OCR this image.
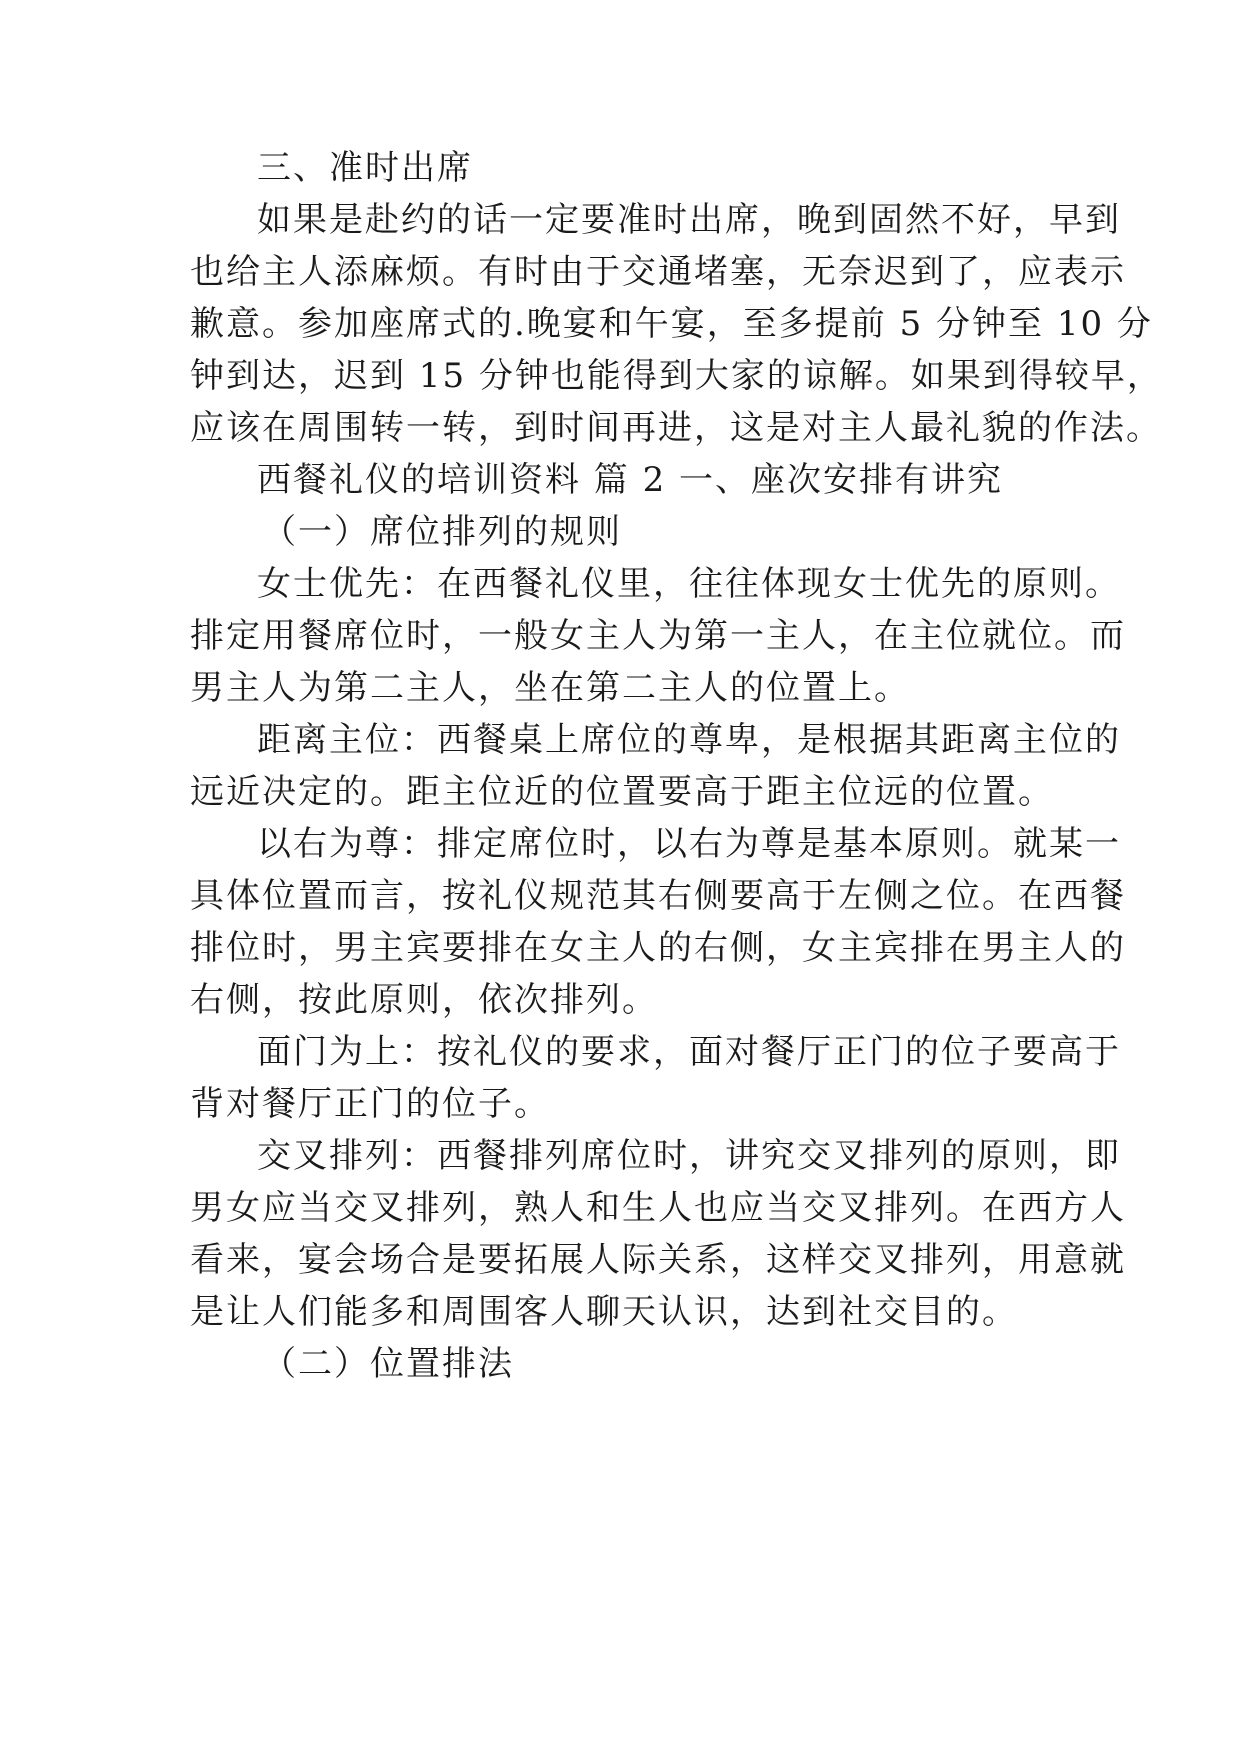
三、准时出席
如果是赴约的话一定要准时出席，晚到固然不好，早到
也给主人添麻烦。有时由于交通堵塞，无奈迟到了，应表示
歉意。参加座席式的.晚宴和午宴，至多提前 5 分钟至 10 分
钟到达，迟到 15 分钟也能得到大家的谅解。如果到得较早，
应该在周围转一转，到时间再进，这是对主人最礼貌的作法。
西餐礼仪的培训资料 篇 2 一、座次安排有讲究
（一）席位排列的规则
女士优先：在西餐礼仪里，往往体现女士优先的原则。
排定用餐席位时，一般女主人为第一主人，在主位就位。而
男主人为第二主人，坐在第二主人的位置上。
距离主位：西餐桌上席位的尊卑，是根据其距离主位的
远近决定的。距主位近的位置要高于距主位远的位置。
以右为尊：排定席位时，以右为尊是基本原则。就某一
具体位置而言，按礼仪规范其右侧要高于左侧之位。在西餐
排位时，男主宾要排在女主人的右侧，女主宾排在男主人的
右侧，按此原则，依次排列。
面门为上：按礼仪的要求，面对餐厅正门的位子要高于
背对餐厅正门的位子。
交叉排列：西餐排列席位时，讲究交叉排列的原则，即
男女应当交叉排列，熟人和生人也应当交叉排列。在西方人
看来，宴会场合是要拓展人际关系，这样交叉排列，用意就
是让人们能多和周围客人聊天认识，达到社交目的。
（二）位置排法
